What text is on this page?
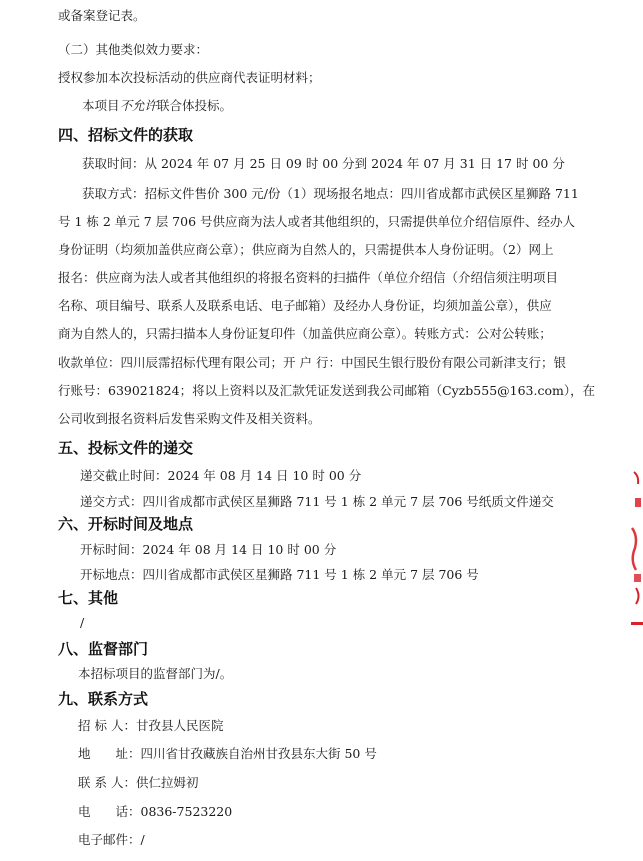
或备案登记表。
（二）其他类似效力要求：
授权参加本次投标活动的供应商代表证明材料；
本项目不允许联合体投标。
四、招标文件的获取
获取时间：从 2024 年 07 月 25 日 09 时 00 分到 2024 年 07 月 31 日 17 时 00 分
获取方式：招标文件售价 300 元/份（1）现场报名地点：四川省成都市武侯区星狮路 711
号 1 栋 2 单元 7 层 706 号供应商为法人或者其他组织的，只需提供单位介绍信原件、经办人
身份证明（均须加盖供应商公章）；供应商为自然人的，只需提供本人身份证明。（2）网上
报名：供应商为法人或者其他组织的将报名资料的扫描件（单位介绍信（介绍信须注明项目
名称、项目编号、联系人及联系电话、电子邮箱）及经办人身份证，均须加盖公章），供应
商为自然人的，只需扫描本人身份证复印件（加盖供应商公章）。转账方式：公对公转账；
收款单位：四川辰霈招标代理有限公司；开 户 行：中国民生银行股份有限公司新津支行；银
行账号：639021824；将以上资料以及汇款凭证发送到我公司邮箱（Cyzb555@163.com），在
公司收到报名资料后发售采购文件及相关资料。
五、投标文件的递交
递交截止时间：2024 年 08 月 14 日 10 时 00 分
递交方式：四川省成都市武侯区星狮路 711 号 1 栋 2 单元 7 层 706 号纸质文件递交
六、开标时间及地点
开标时间：2024 年 08 月 14 日 10 时 00 分
开标地点：四川省成都市武侯区星狮路 711 号 1 栋 2 单元 7 层 706 号
七、其他
/
八、监督部门
本招标项目的监督部门为/。
九、联系方式
招 标 人：甘孜县人民医院
地　　址：四川省甘孜藏族自治州甘孜县东大街 50 号
联 系 人：供仁拉姆初
电　　话：0836-7523220
电子邮件：/
